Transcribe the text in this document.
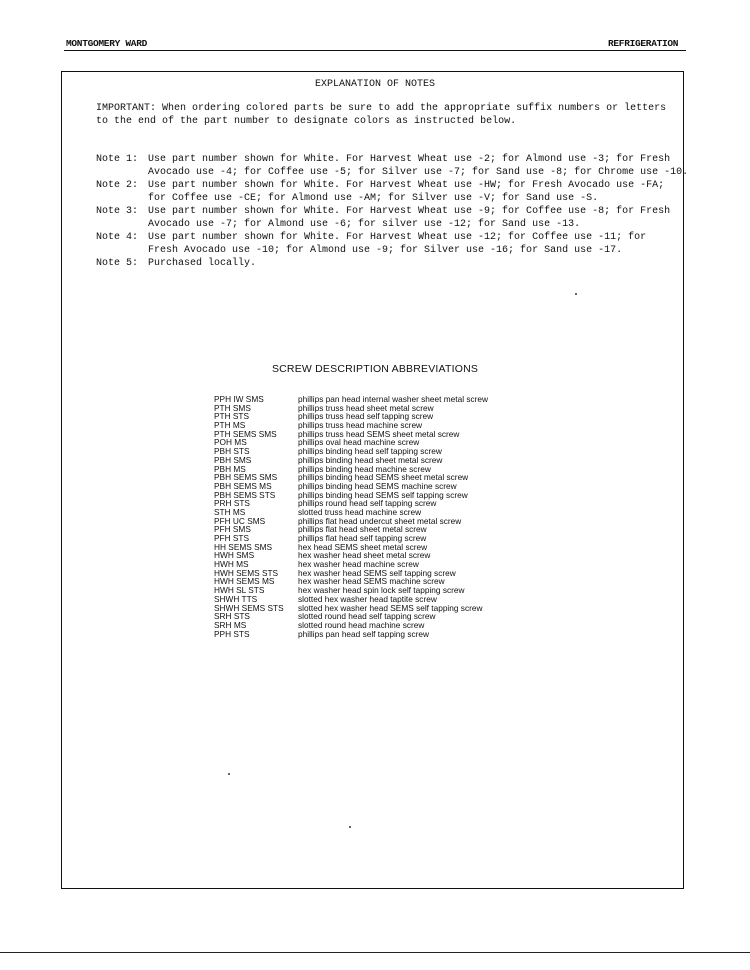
MONTGOMERY WARD	REFRIGERATION
EXPLANATION OF NOTES
IMPORTANT: When ordering colored parts be sure to add the appropriate suffix numbers or letters
to the end of the part number to designate colors as instructed below.
Note 1: Use part number shown for White. For Harvest Wheat use -2; for Almond use -3; for Fresh
Avocado use -4; for Coffee use -5; for Silver use -7; for Sand use -8; for Chrome use -10.
Note 2: Use part number shown for White. For Harvest Wheat use -HW; for Fresh Avocado use -FA;
for Coffee use -CE; for Almond use -AM; for Silver use -V; for Sand use -S.
Note 3: Use part number shown for White. For Harvest Wheat use -9; for Coffee use -8; for Fresh
Avocado use -7; for Almond use -6; for silver use -12; for Sand use -13.
Note 4: Use part number shown for White. For Harvest Wheat use -12; for Coffee use -11; for
Fresh Avocado use -10; for Almond use -9; for Silver use -16; for Sand use -17.
Note 5: Purchased locally.
SCREW DESCRIPTION ABBREVIATIONS
PPH IW SMS	phillips pan head internal washer sheet metal screw
PTH SMS	phillips truss head sheet metal screw
PTH STS	phillips truss head self tapping screw
PTH MS	phillips truss head machine screw
PTH SEMS SMS	phillips truss head SEMS sheet metal screw
POH MS	phillips oval head machine screw
PBH STS	phillips binding head self tapping screw
PBH SMS	phillips binding head sheet metal screw
PBH MS	phillips binding head machine screw
PBH SEMS SMS	phillips binding head SEMS sheet metal screw
PBH SEMS MS	phillips binding head SEMS machine screw
PBH SEMS STS	phillips binding head SEMS self tapping screw
PRH STS	phillips round head self tapping screw
STH MS	slotted truss head machine screw
PFH UC SMS	phillips flat head undercut sheet metal screw
PFH SMS	phillips flat head sheet metal screw
PFH STS	phillips flat head self tapping screw
HH SEMS SMS	hex head SEMS sheet metal screw
HWH SMS	hex washer head sheet metal screw
HWH MS	hex washer head machine screw
HWH SEMS STS hex washer head SEMS self tapping screw
HWH SEMS MS	hex washer head SEMS machine screw
HWH SL STS	hex washer head spin lock self tapping screw
SHWH TTS	slotted hex washer head taptite screw
SHWH SEMS STS slotted hex washer head SEMS self tapping screw
SRH STS	slotted round head self tapping screw
SRH MS	slotted round head machine screw
PPH STS	phillips pan head self tapping screw
